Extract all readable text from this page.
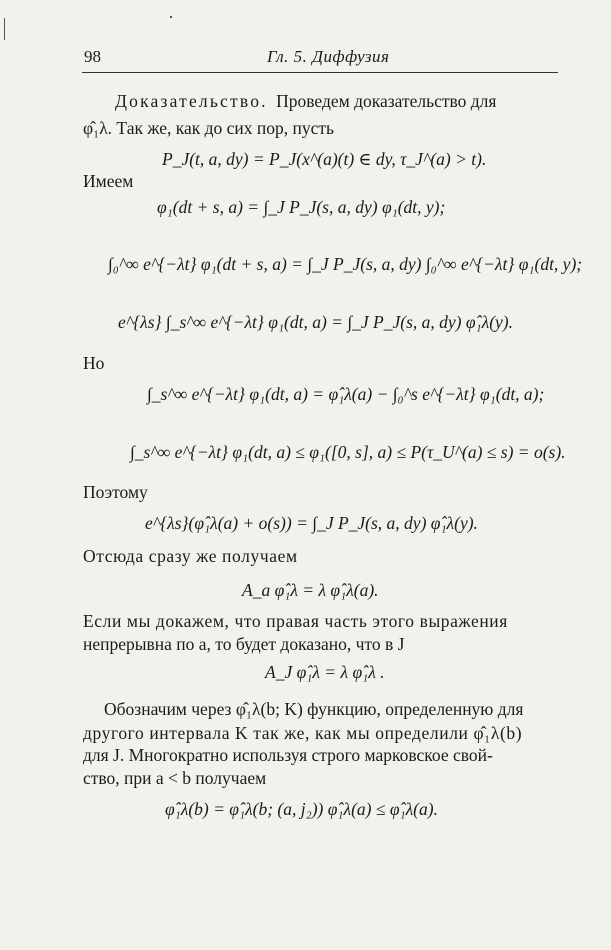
98	Гл. 5. Диффузия
Доказательство. Проведем доказательство для
φ̂₁λ. Так же, как до сих пор, пусть
P_J(t, a, dy) = P_J(x^(a)(t) ∈ dy, τ_J^(a) > t).
Имеем
φ₁(dt + s, a) = ∫_J P_J(s, a, dy) φ₁(dt, y);
∫₀^∞ e^{−λt} φ₁(dt + s, a) = ∫_J P_J(s, a, dy) ∫₀^∞ e^{−λt} φ₁(dt, y);
e^{λs} ∫_s^∞ e^{−λt} φ₁(dt, a) = ∫_J P_J(s, a, dy) φ̂₁λ(y).
Но
∫_s^∞ e^{−λt} φ₁(dt, a) = φ̂₁λ(a) − ∫₀^s e^{−λt} φ₁(dt, a);
∫_s^∞ e^{−λt} φ₁(dt, a) ≤ φ₁([0, s], a) ≤ P(τ_U^(a) ≤ s) = o(s).
Поэтому
e^{λs}(φ̂₁λ(a) + o(s)) = ∫_J P_J(s, a, dy) φ̂₁λ(y).
Отсюда сразу же получаем
A_a φ̂₁λ = λ φ̂₁λ(a).
Если мы докажем, что правая часть этого выражения
непрерывна по a, то будет доказано, что в J
A_J φ̂₁λ = λ φ̂₁λ .
Обозначим через φ̂₁λ(b; K) функцию, определенную для
другого интервала K так же, как мы определили φ̂₁λ(b)
для J. Многократно используя строго марковское свой-
ство, при a < b получаем
φ̂₁λ(b) = φ̂₁λ(b; (a, j₂)) φ̂₁λ(a) ≤ φ̂₁λ(a).
